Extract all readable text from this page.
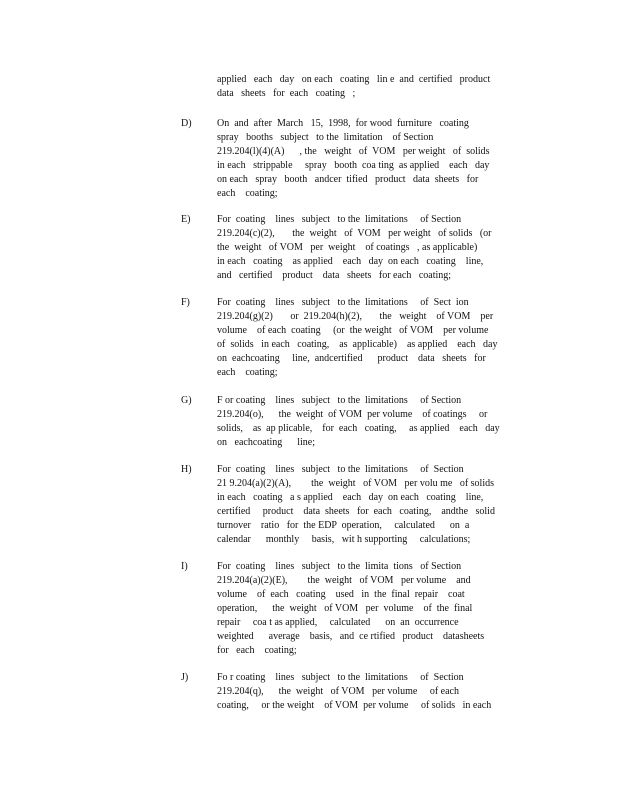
applied   each   day   on each   coating   lin e  and  certified   product
data   sheets   for  each   coating   ;
D)	On  and  after  March   15,  1998,  for wood  furniture   coating
spray   booths   subject   to the  limitation    of Section
219.204(l)(4)(A)      , the   weight   of  VOM   per weight   of  solids
in each   strippable     spray   booth  coa ting  as applied    each   day
on each   spray   booth   andcer  tified   product   data  sheets   for
each    coating;
E)	For  coating    lines   subject   to the  limitations     of Section
219.204(c)(2),       the  weight   of  VOM   per weight   of solids   (or
the  weight   of VOM   per  weight    of coatings   , as applicable)
in each   coating    as applied    each   day  on each   coating    line,
and   certified    product    data   sheets   for each   coating;
F)	For  coating    lines   subject   to the  limitations     of  Sect  ion
219.204(g)(2)       or  219.204(h)(2),       the   weight    of VOM    per
volume    of each  coating     (or  the weight   of VOM    per volume
of  solids   in each   coating,    as  applicable)    as applied    each   day
on  eachcoating     line,  andcertified      product    data   sheets   for
each    coating;
G)	F or coating    lines   subject   to the  limitations     of Section
219.204(o),      the  weight  of VOM  per volume    of coatings     or
solids,    as  ap plicable,    for  each   coating,     as applied    each   day
on   eachcoating      line;
H)	For  coating    lines   subject   to the  limitations     of  Section
21 9.204(a)(2)(A),        the  weight   of VOM   per volu me   of solids
in each   coating   a s applied    each   day  on each   coating    line,
certified     product    data  sheets   for  each   coating,    andthe   solid
turnover    ratio   for  the EDP  operation,     calculated      on  a
calendar      monthly     basis,   wit h supporting     calculations;
I)	For  coating    lines   subject   to the  limita  tions   of Section
219.204(a)(2)(E),        the  weight   of VOM   per volume    and
volume    of  each   coating    used   in  the  final  repair    coat
operation,      the  weight   of VOM   per  volume    of  the  final
repair     coa t as applied,     calculated      on  an  occurrence
weighted      average    basis,   and  ce rtified   product    datasheets
for   each    coating;
J)	Fo r coating    lines   subject   to the  limitations     of  Section
219.204(q),      the  weight   of VOM   per volume     of each
coating,     or the weight    of VOM  per volume     of solids   in each
